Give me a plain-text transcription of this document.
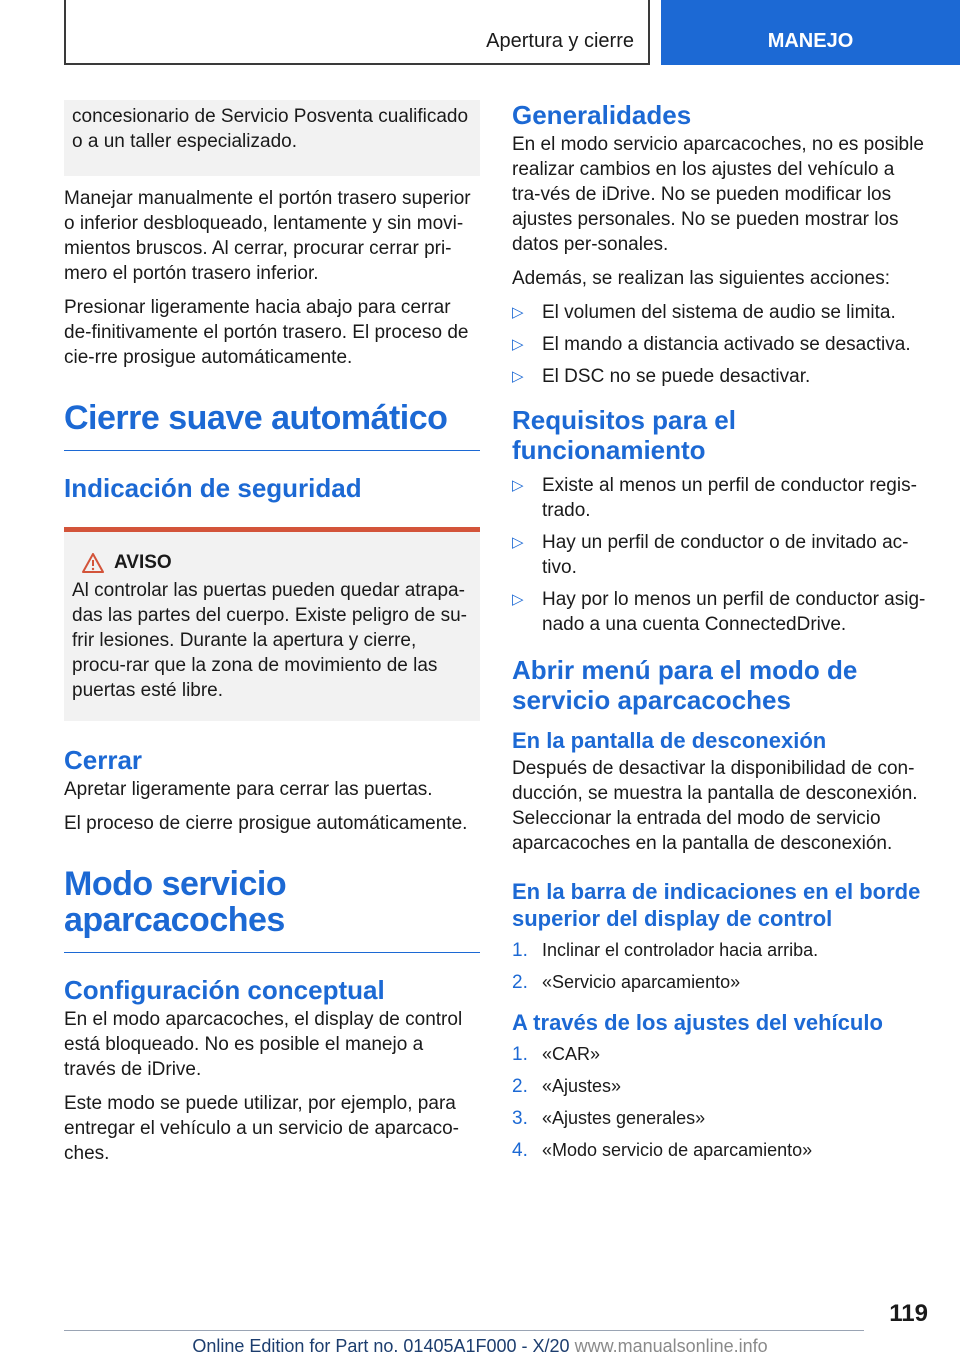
Apertura y cierre	MANEJO

concesionario de Servicio Posventa cualificado o a un taller especializado.

Manejar manualmente el portón trasero superior o inferior desbloqueado, lentamente y sin movi-mientos bruscos. Al cerrar, procurar cerrar pri-mero el portón trasero inferior.

Presionar ligeramente hacia abajo para cerrar de-finitivamente el portón trasero. El proceso de cie-rre prosigue automáticamente.

Cierre suave automático
Indicación de seguridad
AVISO

Al controlar las puertas pueden quedar atrapa-das las partes del cuerpo. Existe peligro de su-frir lesiones. Durante la apertura y cierre, procu-rar que la zona de movimiento de las puertas esté libre.

Cerrar

Apretar ligeramente para cerrar las puertas.

El proceso de cierre prosigue automáticamente.

Modo servicio aparcacoches
Configuración conceptual

En el modo aparcacoches, el display de control está bloqueado. No es posible el manejo a través de iDrive.

Este modo se puede utilizar, por ejemplo, para entregar el vehículo a un servicio de aparcaco-ches.

Generalidades

En el modo servicio aparcacoches, no es posible realizar cambios en los ajustes del vehículo a tra-vés de iDrive. No se pueden modificar los ajustes personales. No se pueden mostrar los datos per-sonales.

Además, se realizan las siguientes acciones:

▷ El volumen del sistema de audio se limita.
▷ El mando a distancia activado se desactiva.
▷ El DSC no se puede desactivar.
Requisitos para el funcionamiento
▷ Existe al menos un perfil de conductor regis-trado.
▷ Hay un perfil de conductor o de invitado ac-tivo.
▷ Hay por lo menos un perfil de conductor asig-nado a una cuenta ConnectedDrive.
Abrir menú para el modo de servicio aparcacoches
En la pantalla de desconexión

Después de desactivar la disponibilidad de con-ducción, se muestra la pantalla de desconexión. Seleccionar la entrada del modo de servicio aparcacoches en la pantalla de desconexión.

En la barra de indicaciones en el borde superior del display de control
1. Inclinar el controlador hacia arriba.
2. «Servicio aparcamiento»
A través de los ajustes del vehículo
1. «CAR»
2. «Ajustes»
3. «Ajustes generales»
4. «Modo servicio de aparcamiento»
119
Online Edition for Part no. 01405A1F000 - X/20 www.manualsonline.info
